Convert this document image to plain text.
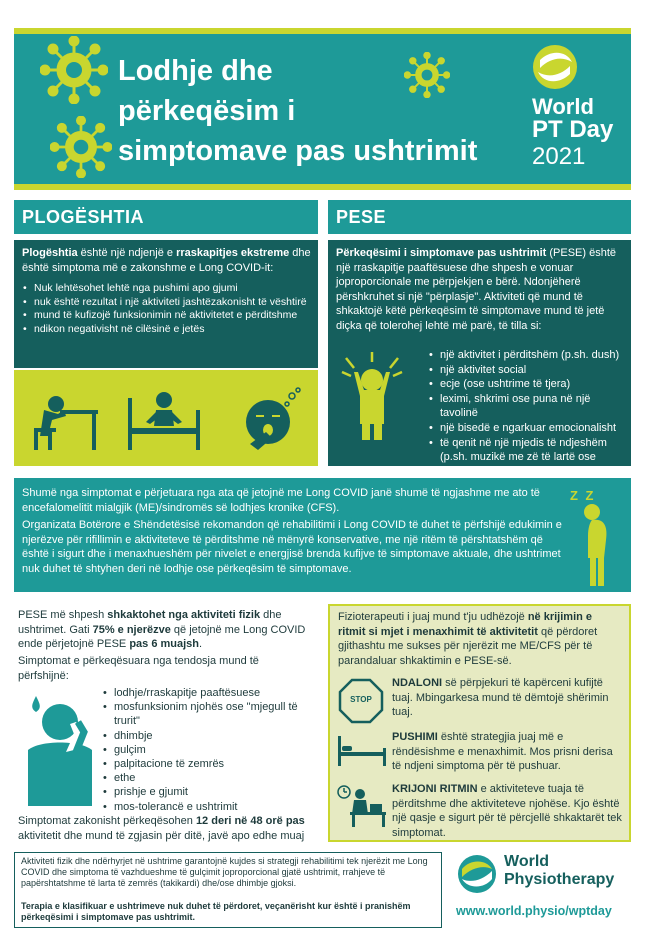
Lodhje dhe
përkeqësim i
simptomave pas ushtrimit
World
PT Day
2021
PLOGËSHTIA
Plogështia është një ndjenjë e rraskapitjes ekstreme dhe është simptoma më e zakonshme e Long COVID-it:
• Nuk lehtësohet lehtë nga pushimi apo gjumi
• nuk është rezultat i një aktiviteti jashtëzakonisht të vështirë
• mund të kufizojë funksionimin në aktivitetet e përditshme
• ndikon negativisht në cilësinë e jetës
PESE
Përkeqësimi i simptomave pas ushtrimit (PESE) është një rraskapitje paaftësuese dhe shpesh e vonuar joproporcionale me përpjekjen e bërë. Ndonjëherë përshkruhet si një "përplasje". Aktiviteti që mund të shkaktojë këtë përkeqësim të simptomave mund të jetë diçka që tolerohej lehtë më parë, të tilla si:
• një aktivitet i përditshëm (p.sh. dush)
• një aktivitet social
• ecje (ose ushtrime të tjera)
• leximi, shkrimi ose puna në një tavolinë
• një bisedë e ngarkuar emocionalisht
• të qenit në një mjedis të ndjeshëm (p.sh. muzikë me zë të lartë ose ndezje të dritave)
Shumë nga simptomat e përjetuara nga ata që jetojnë me Long COVID janë shumë të ngjashme me ato të encefalomelitit mialgjik (ME)/sindromës së lodhjes kronike (CFS).
Organizata Botërore e Shëndetësisë rekomandon që rehabilitimi i Long COVID të duhet të përfshijë edukimin e njerëzve për rifillimin e aktiviteteve të përditshme në mënyrë konservative, me një ritëm të përshtatshëm që është i sigurt dhe i menaxhueshëm për nivelet e energjisë brenda kufijve të simptomave aktuale, dhe ushtrimet nuk duhet të shtyhen deri në lodhje ose përkeqësim të simptomave.
Z Z
PESE më shpesh shkaktohet nga aktiviteti fizik dhe ushtrimet. Gati 75% e njerëzve që jetojnë me Long COVID ende përjetojnë PESE pas 6 muajsh.
Simptomat e përkeqësuara nga tendosja mund të përfshijnë:
• lodhje/rraskapitje paaftësuese
• mosfunksionim njohës ose "mjegull të trurit"
• dhimbje
• gulçim
• palpitacione të zemrës
• ethe
• prishje e gjumit
• mos-tolerancë e ushtrimit
Simptomat zakonisht përkeqësohen 12 deri në 48 orë pas aktivitetit dhe mund të zgjasin për ditë, javë apo edhe muaj
Fizioterapeuti i juaj mund t'ju udhëzojë në krijimin e ritmit si mjet i menaxhimit të aktivitetit që përdoret gjithashtu me sukses për njerëzit me ME/CFS për të parandaluar shkaktimin e PESE-së.
STOP
NDALONI së përpjekuri të kapërceni kufijtë tuaj. Mbingarkesa mund të dëmtojë shërimin tuaj.
PUSHIMI është strategjia juaj më e rëndësishme e menaxhimit. Mos prisni derisa të ndjeni simptoma për të pushuar.
KRIJONI RITMIN e aktiviteteve tuaja të përditshme dhe aktiviteteve njohëse. Kjo është një qasje e sigurt për të përcjellë shkaktarët tek simptomat.
Aktiviteti fizik dhe ndërhyrjet në ushtrime garantojnë kujdes si strategji rehabilitimi tek njerëzit me Long COVID dhe simptoma të vazhdueshme të gulçimit joproporcional gjatë ushtrimit, rrahjeve të papërshtatshme të larta të zemrës (takikardi) dhe/ose dhimbje gjoksi.
Terapia e klasifikuar e ushtrimeve nuk duhet të përdoret, veçanërisht kur është i pranishëm përkeqësimi i simptomave pas ushtrimit.
World
Physiotherapy
www.world.physio/wptday
